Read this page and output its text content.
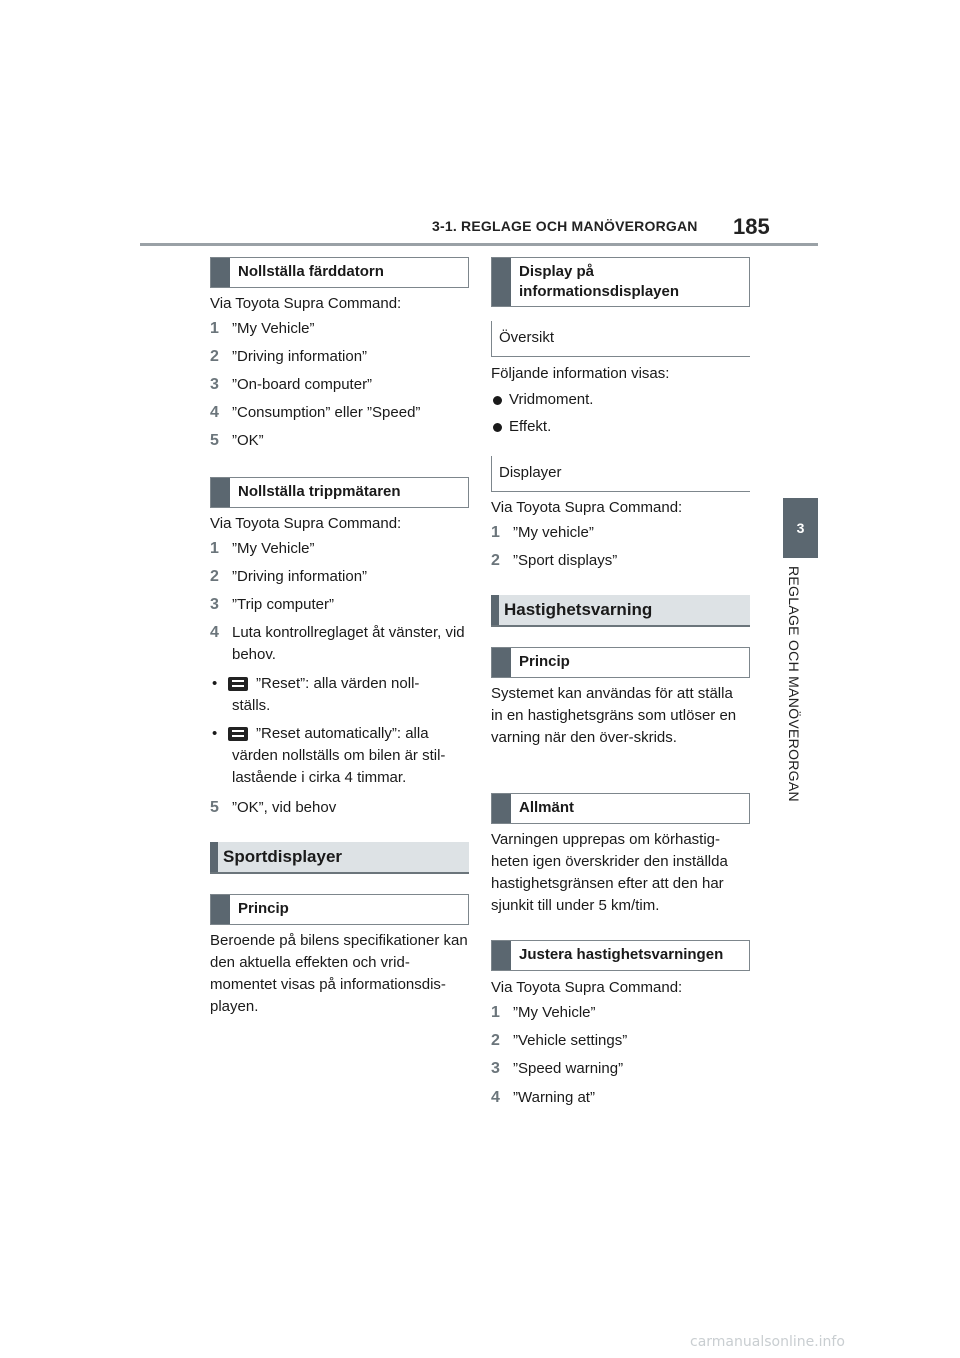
3-1. REGLAGE OCH MANÖVERORGAN 185
3
REGLAGE OCH MANÖVERORGAN
Nollställa färddatorn
Via Toyota Supra Command:
1 ”My Vehicle”
2 ”Driving information”
3 ”On-board computer”
4 ”Consumption” eller ”Speed”
5 ”OK”
Nollställa trippmätaren
Via Toyota Supra Command:
1 ”My Vehicle”
2 ”Driving information”
3 ”Trip computer”
4 Luta kontrollreglaget åt vänster, vid behov.
•	”Reset”: alla värden noll-
ställs.
•	”Reset automatically”: alla
värden nollställs om bilen är stil-lastående i cirka 4 timmar.
5 ”OK”, vid behov
Sportdisplayer
Princip
Beroende på bilens specifikationer kan den aktuella effekten och vrid-momentet visas på informationsdis-playen.
Display på informationsdisplayen
Översikt
Följande information visas:
Vridmoment.
Effekt.
Displayer
Via Toyota Supra Command:
1 ”My vehicle”
2 ”Sport displays”
Hastighetsvarning
Princip
Systemet kan användas för att ställa in en hastighetsgräns som utlöser en varning när den över-skrids.
Allmänt
Varningen upprepas om körhastig-heten igen överskrider den inställda hastighetsgränsen efter att den har sjunkit till under 5 km/tim.
Justera hastighetsvarningen
Via Toyota Supra Command:
1 ”My Vehicle”
2 ”Vehicle settings”
3 ”Speed warning”
4 ”Warning at”
carmanualsonline.info
